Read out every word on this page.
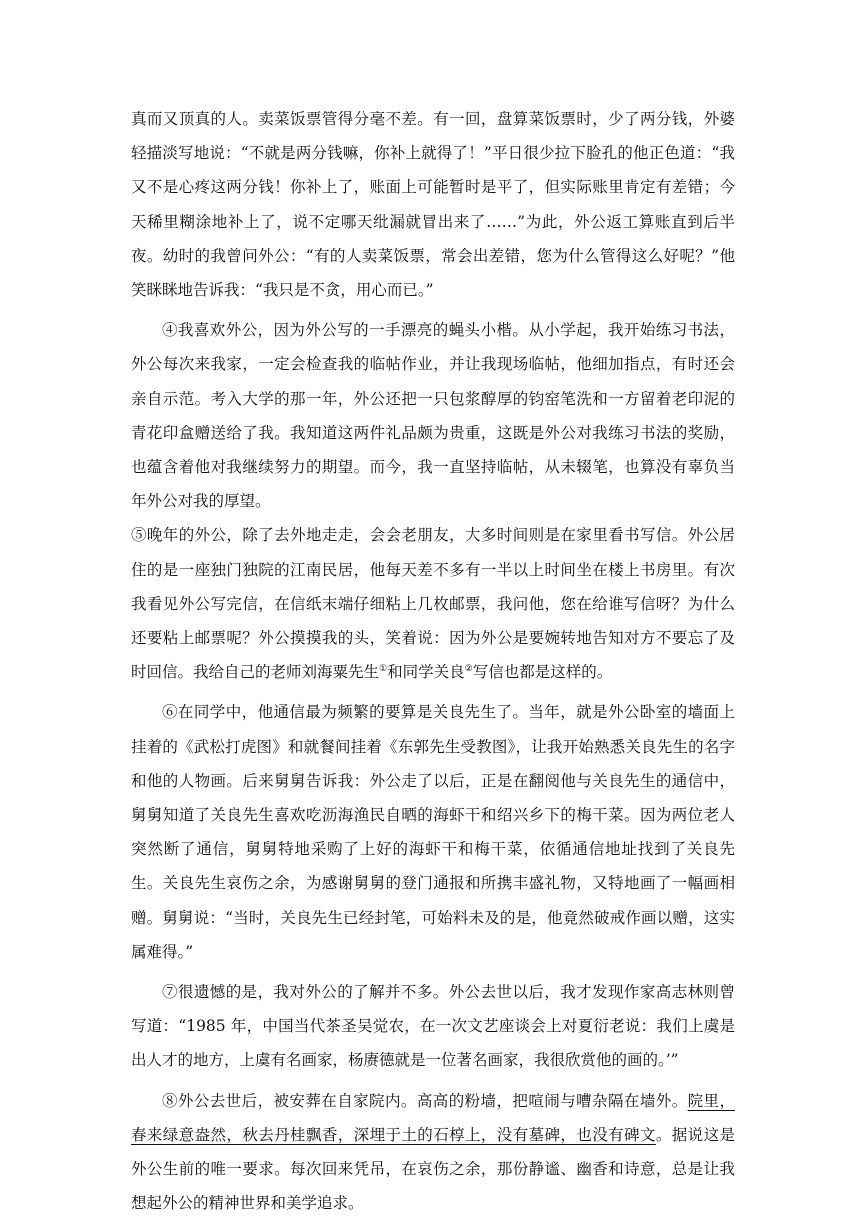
真而又顶真的人。卖菜饭票管得分毫不差。有一回，盘算菜饭票时，少了两分钱，外婆轻描淡写地说：“不就是两分钱嘛，你补上就得了！”平日很少拉下脸孔的他正色道：“我又不是心疼这两分钱！你补上了，账面上可能暂时是平了，但实际账里肯定有差错；今天稀里糊涂地补上了，说不定哪天纰漏就冒出来了……”为此，外公返工算账直到后半夜。幼时的我曾问外公：“有的人卖菜饭票，常会出差错，您为什么管得这么好呢？”他笑眯眯地告诉我：“我只是不贪，用心而已。”

④我喜欢外公，因为外公写的一手漂亮的蝇头小楷。从小学起，我开始练习书法，外公每次来我家，一定会检查我的临帖作业，并让我现场临帖，他细加指点，有时还会亲自示范。考入大学的那一年，外公还把一只包浆醇厚的钧窑笔洗和一方留着老印泥的青花印盒赠送给了我。我知道这两件礼品颇为贵重，这既是外公对我练习书法的奖励，也蕴含着他对我继续努力的期望。而今，我一直坚持临帖，从未辍笔，也算没有辜负当年外公对我的厚望。

⑤晚年的外公，除了去外地走走，会会老朋友，大多时间则是在家里看书写信。外公居住的是一座独门独院的江南民居，他每天差不多有一半以上时间坐在楼上书房里。有次我看见外公写完信，在信纸末端仔细粘上几枚邮票，我问他，您在给谁写信呀？为什么还要粘上邮票呢？外公摸摸我的头，笑着说：因为外公是要婉转地告知对方不要忘了及时回信。我给自己的老师刘海粟先生①和同学关良②写信也都是这样的。

⑥在同学中，他通信最为频繁的要算是关良先生了。当年，就是外公卧室的墙面上挂着的《武松打虎图》和就餐间挂着《东郭先生受教图》，让我开始熟悉关良先生的名字和他的人物画。后来舅舅告诉我：外公走了以后，正是在翻阅他与关良先生的通信中，舅舅知道了关良先生喜欢吃沥海渔民自晒的海虾干和绍兴乡下的梅干菜。因为两位老人突然断了通信，舅舅特地采购了上好的海虾干和梅干菜，依循通信地址找到了关良先生。关良先生哀伤之余，为感谢舅舅的登门通报和所携丰盛礼物，又特地画了一幅画相赠。舅舅说：“当时，关良先生已经封笔，可始料未及的是，他竟然破戒作画以赠，这实属难得。”

⑦很遗憾的是，我对外公的了解并不多。外公去世以后，我才发现作家高志林则曾写道：“1985 年，中国当代茶圣吴觉农，在一次文艺座谈会上对夏衍老说：我们上虞是出人才的地方，上虞有名画家，杨赓德就是一位著名画家，我很欣赏他的画的。’”

⑧外公去世后，被安葬在自家院内。高高的粉墙，把喧闹与嘈杂隔在墙外。院里，春来绿意盎然，秋去丹桂飘香，深埋于土的石椁上，没有墓碑，也没有碑文。据说这是外公生前的唯一要求。每次回来凭吊，在哀伤之余，那份静谧、幽香和诗意，总是让我想起外公的精神世界和美学追求。
